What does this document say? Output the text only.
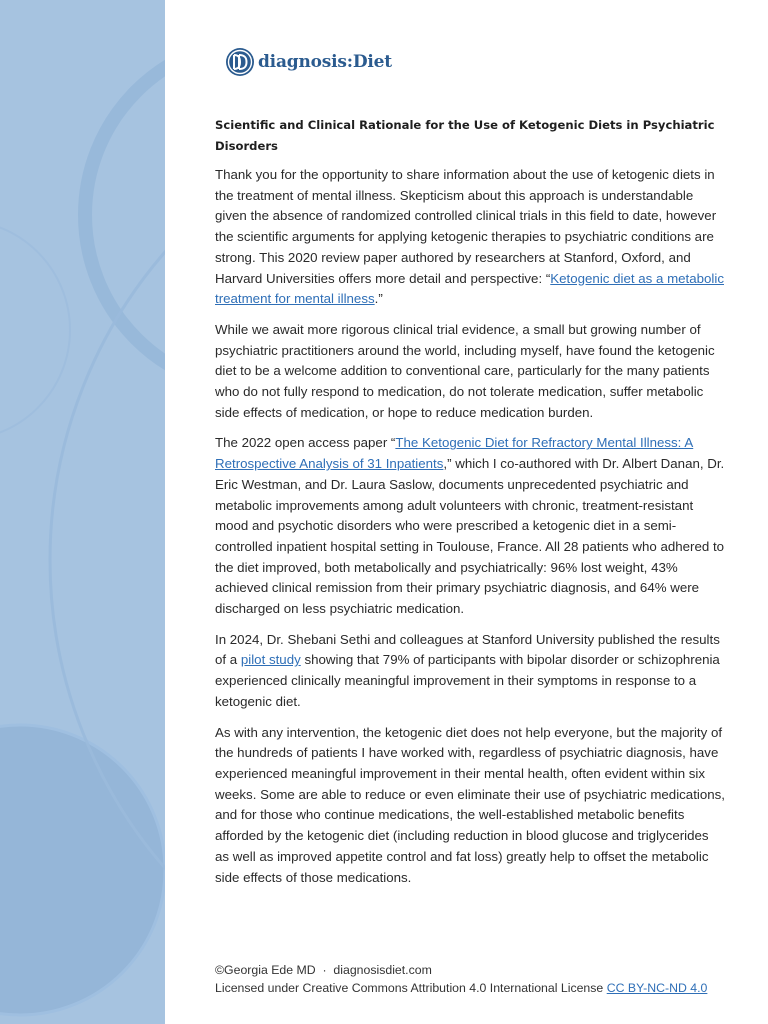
diagnosis:Diet

Scientific and Clinical Rationale for the Use of Ketogenic Diets in Psychiatric Disorders

Thank you for the opportunity to share information about the use of ketogenic diets in the treatment of mental illness. Skepticism about this approach is understandable given the absence of randomized controlled clinical trials in this field to date, however the scientific arguments for applying ketogenic therapies to psychiatric conditions are strong. This 2020 review paper authored by researchers at Stanford, Oxford, and Harvard Universities offers more detail and perspective: “Ketogenic diet as a metabolic treatment for mental illness.”

While we await more rigorous clinical trial evidence, a small but growing number of psychiatric practitioners around the world, including myself, have found the ketogenic diet to be a welcome addition to conventional care, particularly for the many patients who do not fully respond to medication, do not tolerate medication, suffer metabolic side effects of medication, or hope to reduce medication burden.

The 2022 open access paper “The Ketogenic Diet for Refractory Mental Illness: A Retrospective Analysis of 31 Inpatients,” which I co-authored with Dr. Albert Danan, Dr. Eric Westman, and Dr. Laura Saslow, documents unprecedented psychiatric and metabolic improvements among adult volunteers with chronic, treatment-resistant mood and psychotic disorders who were prescribed a ketogenic diet in a semi-controlled inpatient hospital setting in Toulouse, France. All 28 patients who adhered to the diet improved, both metabolically and psychiatrically: 96% lost weight, 43% achieved clinical remission from their primary psychiatric diagnosis, and 64% were discharged on less psychiatric medication.

In 2024, Dr. Shebani Sethi and colleagues at Stanford University published the results of a pilot study showing that 79% of participants with bipolar disorder or schizophrenia experienced clinically meaningful improvement in their symptoms in response to a ketogenic diet.

As with any intervention, the ketogenic diet does not help everyone, but the majority of the hundreds of patients I have worked with, regardless of psychiatric diagnosis, have experienced meaningful improvement in their mental health, often evident within six weeks. Some are able to reduce or even eliminate their use of psychiatric medications, and for those who continue medications, the well-established metabolic benefits afforded by the ketogenic diet (including reduction in blood glucose and triglycerides as well as improved appetite control and fat loss) greatly help to offset the metabolic side effects of those medications.

©Georgia Ede MD  ·  diagnosisdiet.com
Licensed under Creative Commons Attribution 4.0 International License CC BY-NC-ND 4.0
